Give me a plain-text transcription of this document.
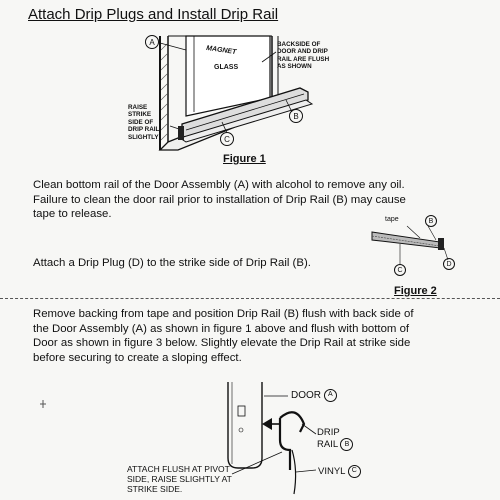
Attach Drip Plugs and Install Drip Rail
A
MAGNET
GLASS
BACKSIDE OF
DOOR AND DRIP
RAIL ARE FLUSH
AS SHOWN
RAISE
STRIKE
SIDE OF
DRIP RAIL
SLIGHTLY
B
C
Figure 1
Clean bottom rail of the Door Assembly (A) with alcohol to remove any oil.
Failure to clean the door rail prior to installation of Drip Rail (B) may cause
tape to release.
Attach a Drip Plug (D) to the strike side of Drip Rail (B).
tape	B
C
D
Figure 2
Remove backing from tape and position Drip Rail (B) flush with back side of
the Door Assembly (A) as shown in figure 1 above and flush with bottom of
Door as shown in figure 3 below. Slightly elevate the Drip Rail at strike side
before securing to create a sloping effect.
DOOR A
DRIP
RAIL B
VINYL C
ATTACH FLUSH AT PIVOT
SIDE, RAISE SLIGHTLY AT
STRIKE SIDE.
